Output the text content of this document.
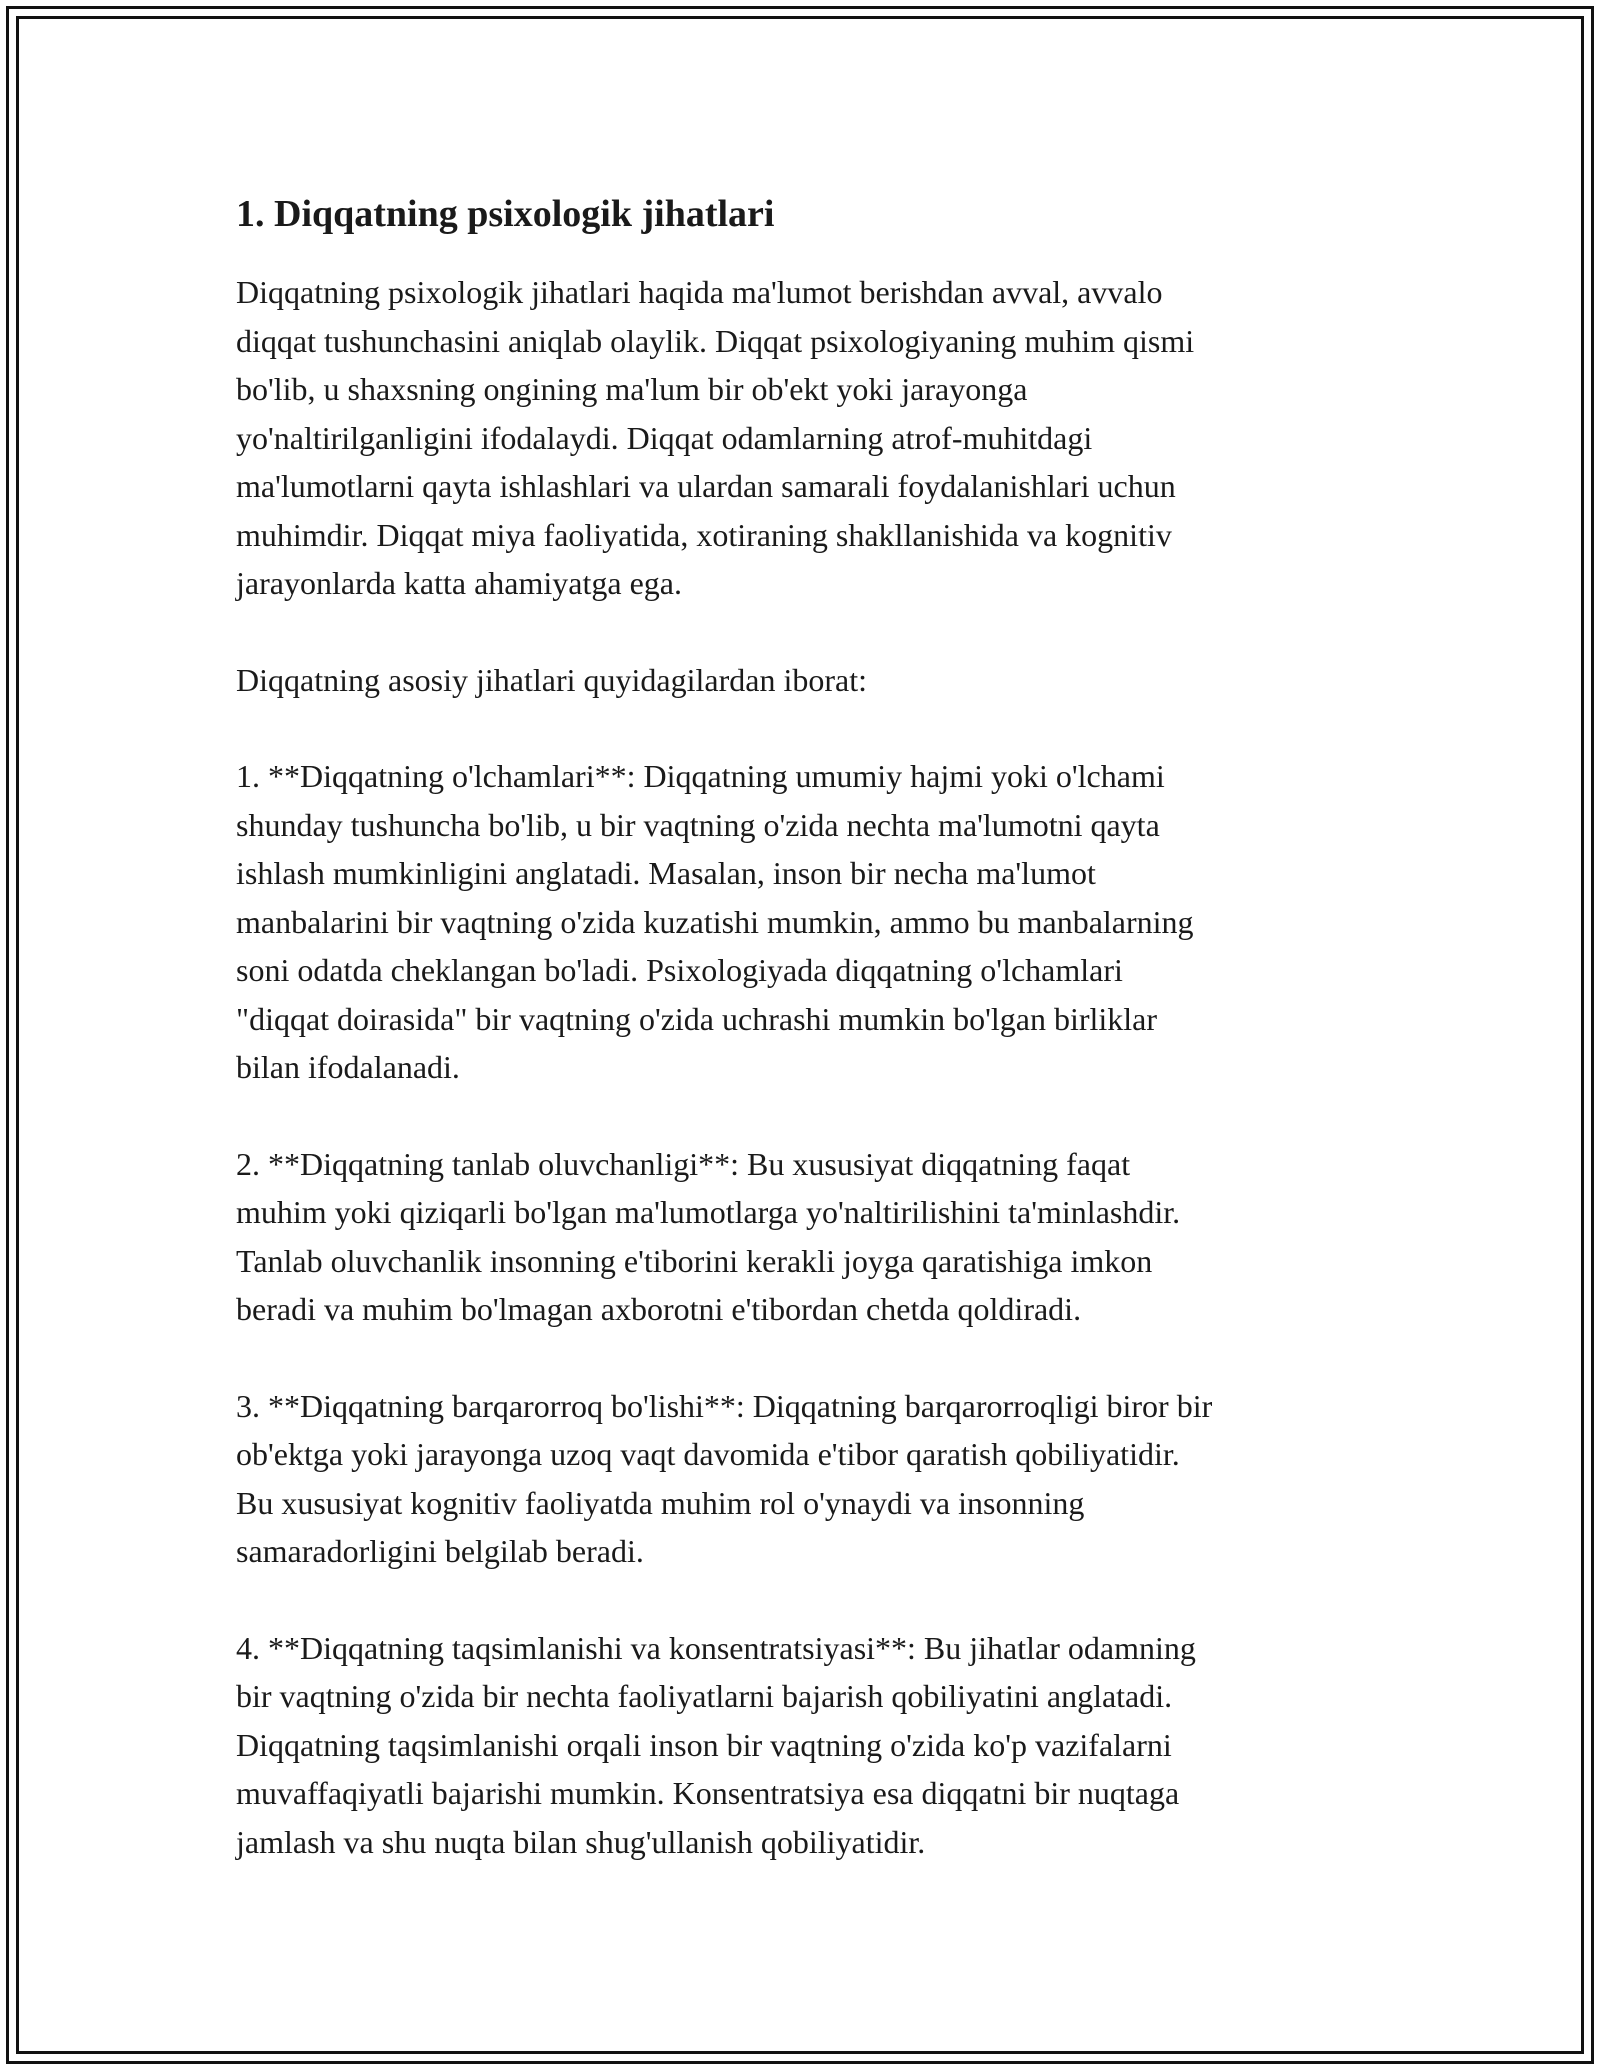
1. Diqqatning psixologik jihatlari

Diqqatning psixologik jihatlari haqida ma'lumot berishdan avval, avvalo
diqqat tushunchasini aniqlab olaylik. Diqqat psixologiyaning muhim qismi
bo'lib, u shaxsning ongining ma'lum bir ob'ekt yoki jarayonga
yo'naltirilganligini ifodalaydi. Diqqat odamlarning atrof-muhitdagi
ma'lumotlarni qayta ishlashlari va ulardan samarali foydalanishlari uchun
muhimdir. Diqqat miya faoliyatida, xotiraning shakllanishida va kognitiv
jarayonlarda katta ahamiyatga ega.

Diqqatning asosiy jihatlari quyidagilardan iborat:

1. **Diqqatning o'lchamlari**: Diqqatning umumiy hajmi yoki o'lchami
shunday tushuncha bo'lib, u bir vaqtning o'zida nechta ma'lumotni qayta
ishlash mumkinligini anglatadi. Masalan, inson bir necha ma'lumot
manbalarini bir vaqtning o'zida kuzatishi mumkin, ammo bu manbalarning
soni odatda cheklangan bo'ladi. Psixologiyada diqqatning o'lchamlari
"diqqat doirasida" bir vaqtning o'zida uchrashi mumkin bo'lgan birliklar
bilan ifodalanadi.

2. **Diqqatning tanlab oluvchanligi**: Bu xususiyat diqqatning faqat
muhim yoki qiziqarli bo'lgan ma'lumotlarga yo'naltirilishini ta'minlashdir.
Tanlab oluvchanlik insonning e'tiborini kerakli joyga qaratishiga imkon
beradi va muhim bo'lmagan axborotni e'tibordan chetda qoldiradi.

3. **Diqqatning barqarorroq bo'lishi**: Diqqatning barqarorroqligi biror bir
ob'ektga yoki jarayonga uzoq vaqt davomida e'tibor qaratish qobiliyatidir.
Bu xususiyat kognitiv faoliyatda muhim rol o'ynaydi va insonning
samaradorligini belgilab beradi.

4. **Diqqatning taqsimlanishi va konsentratsiyasi**: Bu jihatlar odamning
bir vaqtning o'zida bir nechta faoliyatlarni bajarish qobiliyatini anglatadi.
Diqqatning taqsimlanishi orqali inson bir vaqtning o'zida ko'p vazifalarni
muvaffaqiyatli bajarishi mumkin. Konsentratsiya esa diqqatni bir nuqtaga
jamlash va shu nuqta bilan shug'ullanish qobiliyatidir.
